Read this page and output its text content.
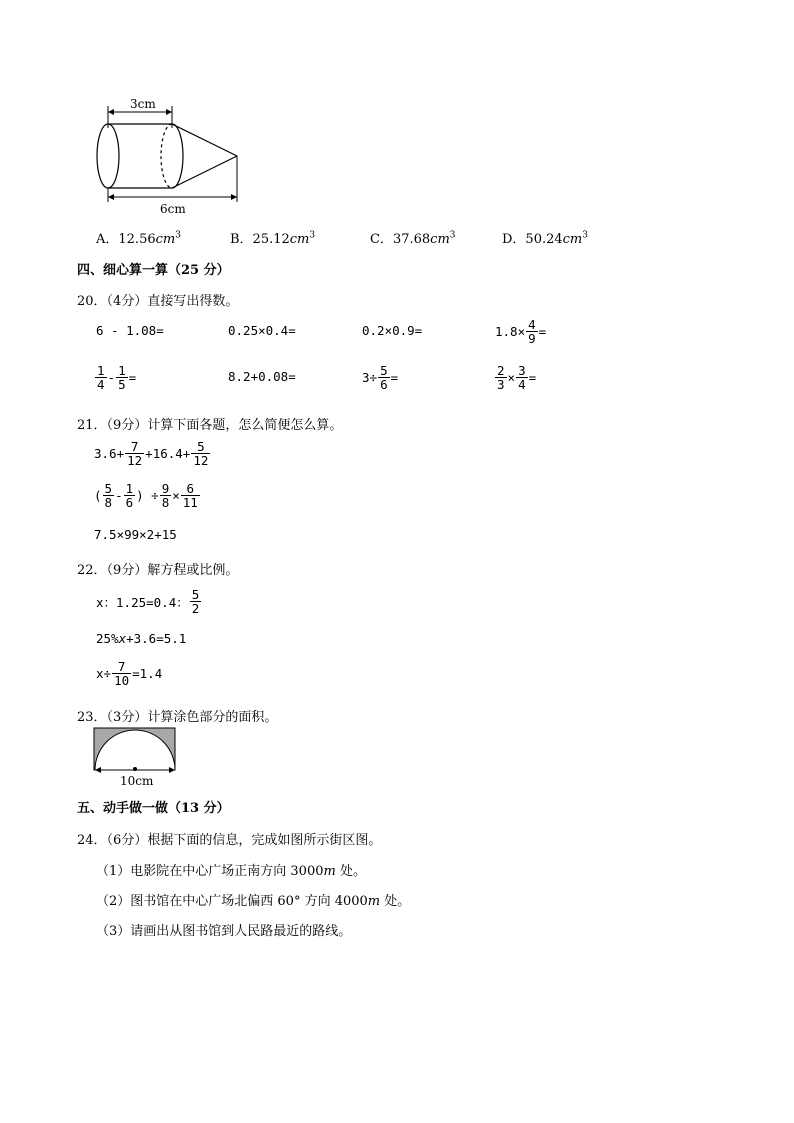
3cm
6cm
A．$12.56cm^3$	B．$25.12cm^3$	C．$37.68cm^3$	D．$50.24cm^3$
四、细心算一算（25 分）
20．（4分）直接写出得数。
6 - 1.08=	0.25×0.4=	0.2×0.9=	$1.8\times \frac{4}{9}$ =
$\frac{1}{4} - \frac{1}{5}$ =	8.2+0.08=	$3\div \frac{5}{6}$ =	$\frac{2}{3} \times \frac{3}{4}$ =
21．（9分）计算下面各题，怎么简便怎么算。
$3.6+ \frac{7}{12} +16.4+ \frac{5}{12}$
( $\frac{5}{8} - \frac{1}{6}$ ) ÷ $\frac{9}{8} \times \frac{6}{11}$
7.5×99×2+15
22．（9分）解方程或比例。
x：1.25=0.4： $\frac{5}{2}$
25%x+3.6=5.1
$x\div \frac{7}{10} =1.4$
23．（3分）计算涂色部分的面积。
10cm
五、动手做一做（13 分）
24．（6分）根据下面的信息，完成如图所示街区图。
（1）电影院在中心广场正南方向 3000m 处。
（2）图书馆在中心广场北偏西 60° 方向 4000m 处。
（3）请画出从图书馆到人民路最近的路线。
